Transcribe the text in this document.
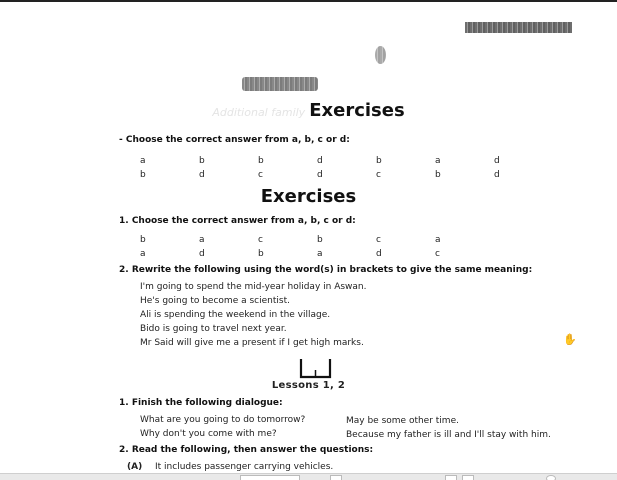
Additional family Exercises
- Choose the correct answer from a, b, c or d:
a	b	b	d	b	a	d
b	d	c	d	c	b	d
Exercises
1. Choose the correct answer from a, b, c or d:
b	a	c	b	c	a
a	d	b	a	d	c
2. Rewrite the following using the word(s) in brackets to give the same meaning:
I'm going to spend the mid-year holiday in Aswan.
He's going to become a scientist.
Ali is spending the weekend in the village.
Bido is going to travel next year.
Mr Said will give me a present if I get high marks.	✋
Lessons 1, 2
1. Finish the following dialogue:
What are you going to do tomorrow?	May be some other time.
Why don't you come with me?	Because my father is ill and I'll stay with him.
2. Read the following, then answer the questions:
(A) It includes passenger carrying vehicles.
